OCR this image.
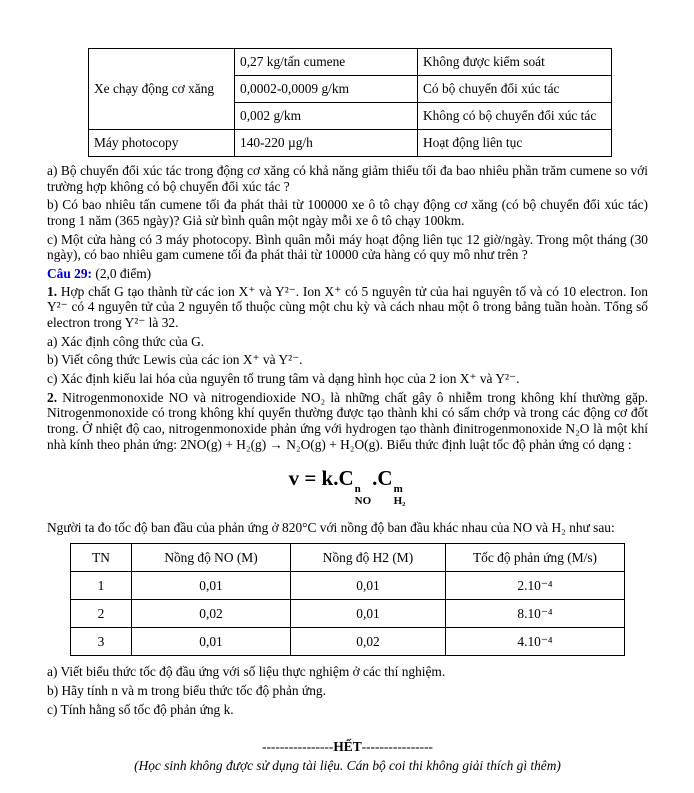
Xe chạy động cơ xăng	0,27 kg/tấn cumene	Không được kiểm soát
	0,0002-0,0009 g/km	Có bộ chuyển đổi xúc tác
	0,002 g/km	Không có bộ chuyển đổi xúc tác
Máy photocopy	140-220 µg/h	Hoạt động liên tục

a) Bộ chuyển đổi xúc tác trong động cơ xăng có khả năng giảm thiểu tối đa bao nhiêu phần trăm cumene so với trường hợp không có bộ chuyển đổi xúc tác ?

b) Có bao nhiêu tấn cumene tối đa phát thải từ 100000 xe ô tô chạy động cơ xăng (có bộ chuyển đổi xúc tác) trong 1 năm (365 ngày)? Giả sử bình quân một ngày mỗi xe ô tô chạy 100km.

c) Một cửa hàng có 3 máy photocopy. Bình quân mỗi máy hoạt động liên tục 12 giờ/ngày. Trong một tháng (30 ngày), có bao nhiêu gam cumene tối đa phát thải từ 10000 cửa hàng có quy mô như trên ?

Câu 29: (2,0 điểm)

1. Hợp chất G tạo thành từ các ion X⁺ và Y²⁻. Ion X⁺ có 5 nguyên tử của hai nguyên tố và có 10 electron. Ion Y²⁻ có 4 nguyên tử của 2 nguyên tố thuộc cùng một chu kỳ và cách nhau một ô trong bảng tuần hoàn. Tổng số electron trong Y²⁻ là 32.

a) Xác định công thức của G.

b) Viết công thức Lewis của các ion X⁺ và Y²⁻.

c) Xác định kiểu lai hóa của nguyên tố trung tâm và dạng hình học của 2 ion X⁺ và Y²⁻.

2. Nitrogenmonoxide NO và nitrogendioxide NO₂ là những chất gây ô nhiễm trong không khí thường gặp. Nitrogenmonoxide có trong không khí quyển thường được tạo thành khi có sấm chớp và trong các động cơ đốt trong. Ở nhiệt độ cao, nitrogenmonoxide phản ứng với hydrogen tạo thành đinitrogenmonoxide N₂O là một khí nhà kính theo phản ứng: 2NO(g) + H₂(g) → N₂O(g) + H₂O(g). Biểu thức định luật tốc độ phản ứng có dạng :

v = k.C n
NO
.C m
H₂

Người ta đo tốc độ ban đầu của phản ứng ở 820°C với nồng độ ban đầu khác nhau của NO và H₂ như sau:

TN	Nồng độ NO (M)	Nồng độ H2 (M)	Tốc độ phản ứng (M/s)
1	0,01	0,01	2.10⁻⁴
2	0,02	0,01	8.10⁻⁴
3	0,01	0,02	4.10⁻⁴

a) Viết biểu thức tốc độ đầu ứng với số liệu thực nghiệm ở các thí nghiệm.

b) Hãy tính n và m trong biểu thức tốc độ phản ứng.

c) Tính hằng số tốc độ phản ứng k.

----------------HẾT----------------

(Học sinh không được sử dụng tài liệu. Cán bộ coi thi không giải thích gì thêm)
